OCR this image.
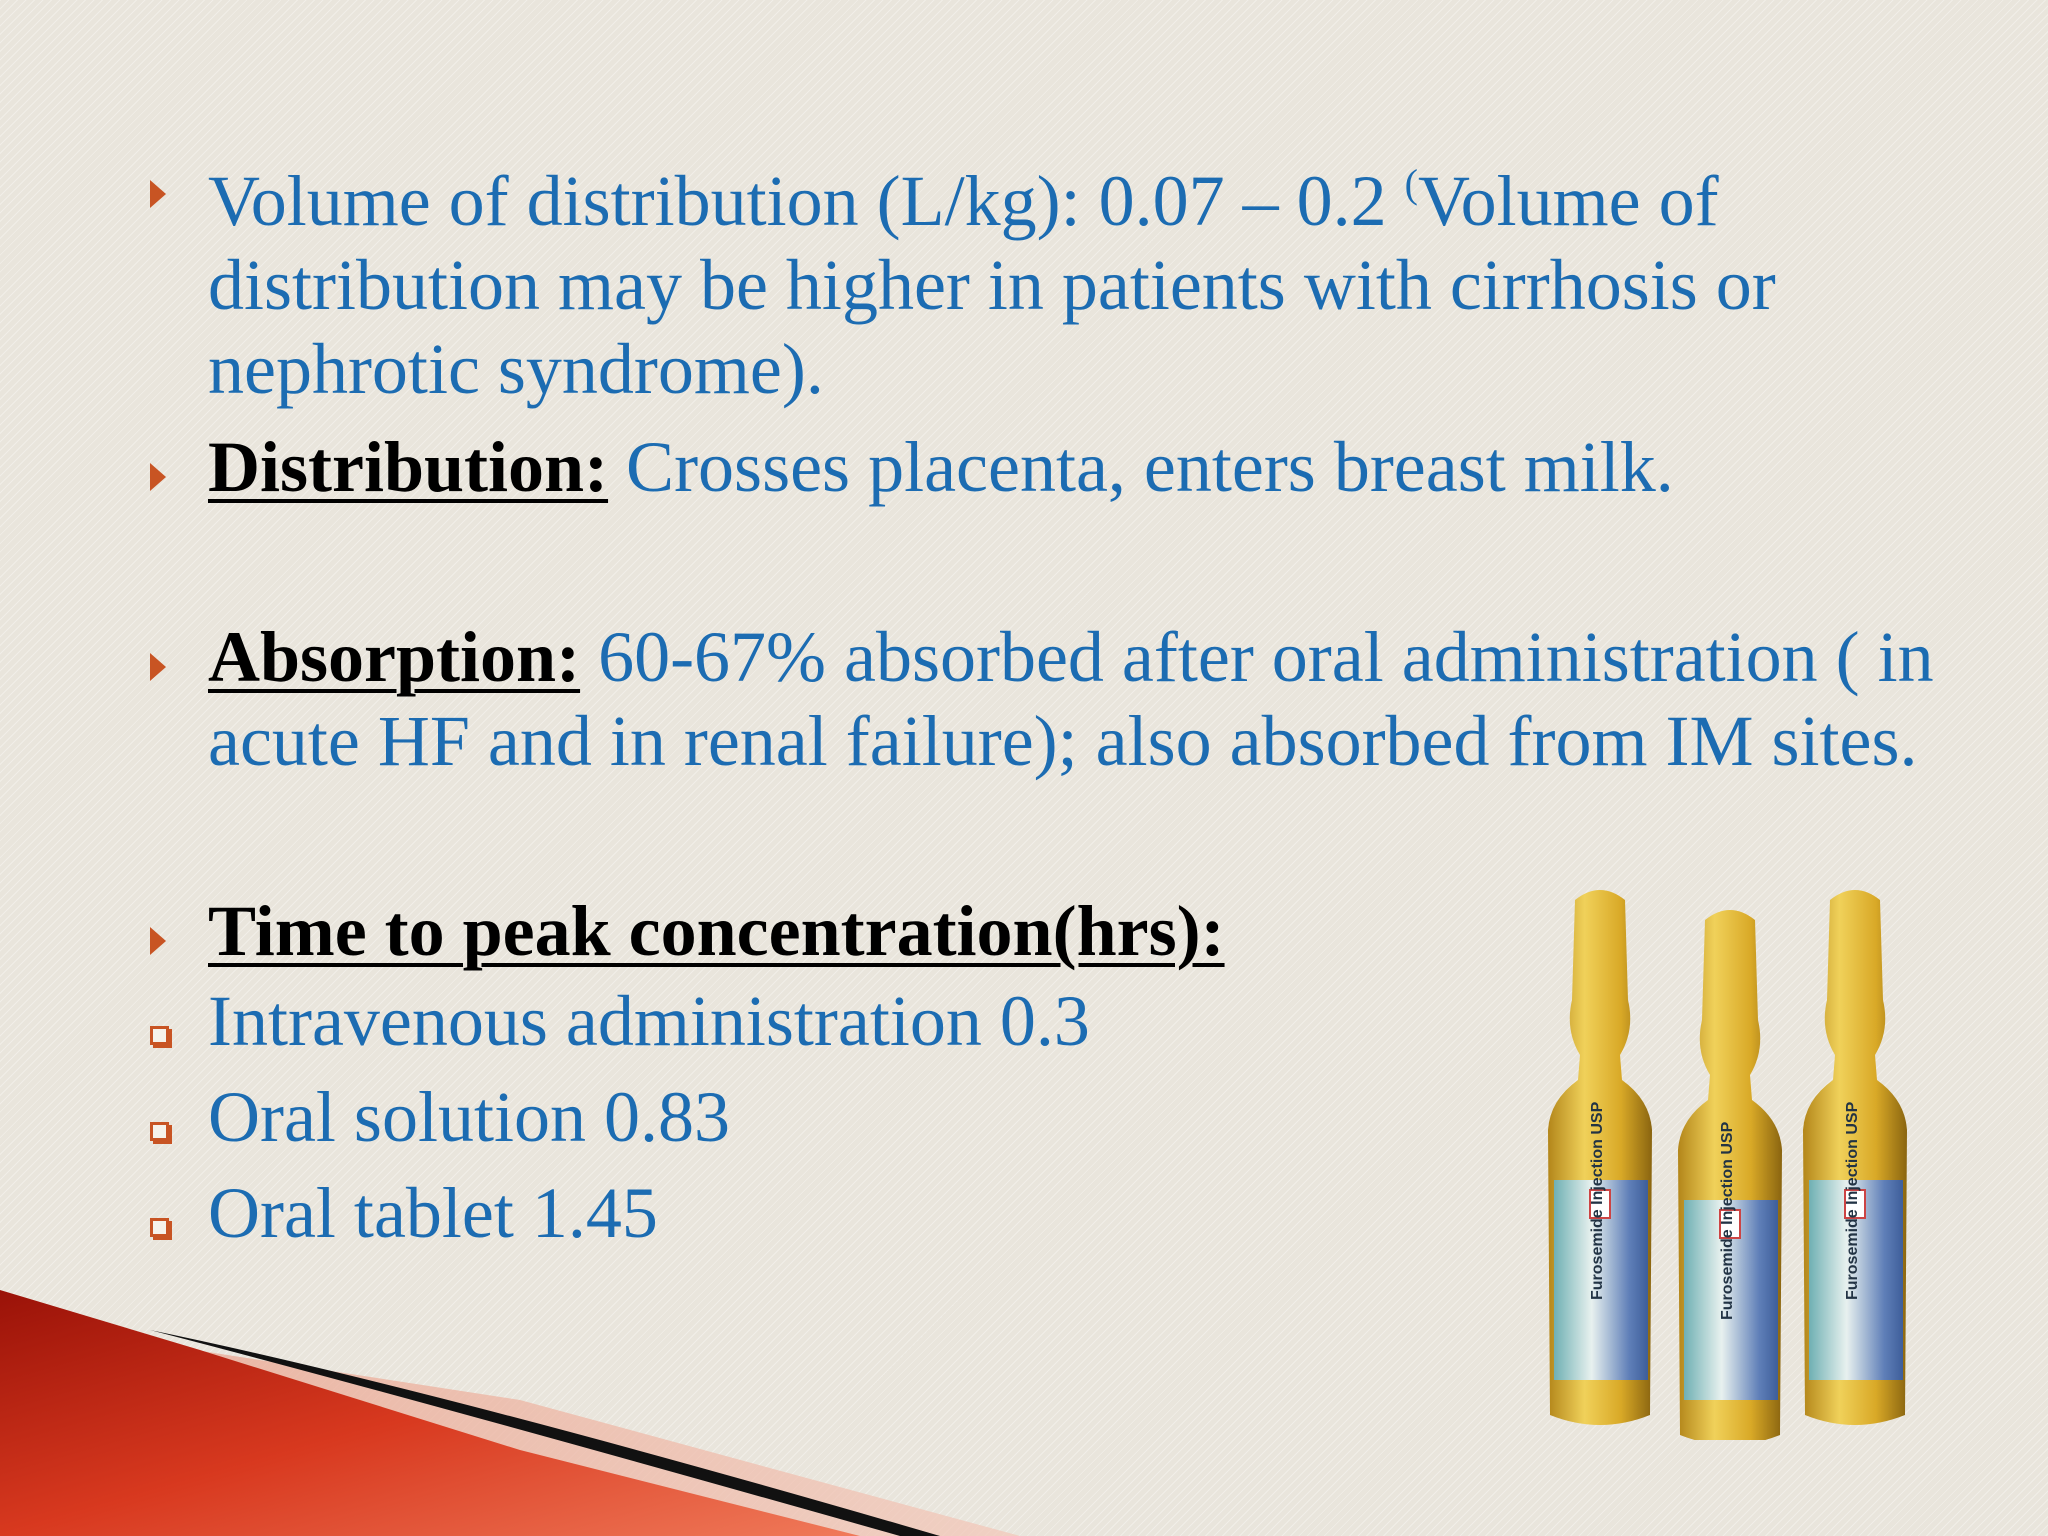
Volume of distribution (L/kg): 0.07 – 0.2 (Volume of distribution may be higher in patients with cirrhosis or nephrotic syndrome).
Distribution: Crosses placenta, enters breast milk.
Absorption: 60-67% absorbed after oral administration ( in acute HF and in renal failure); also absorbed from IM sites.
Time to peak concentration(hrs):
Intravenous administration 0.3
Oral solution 0.83
Oral tablet 1.45	Furosemide Injection USP	Furosemide Injection USP	Furosemide Injection USP
